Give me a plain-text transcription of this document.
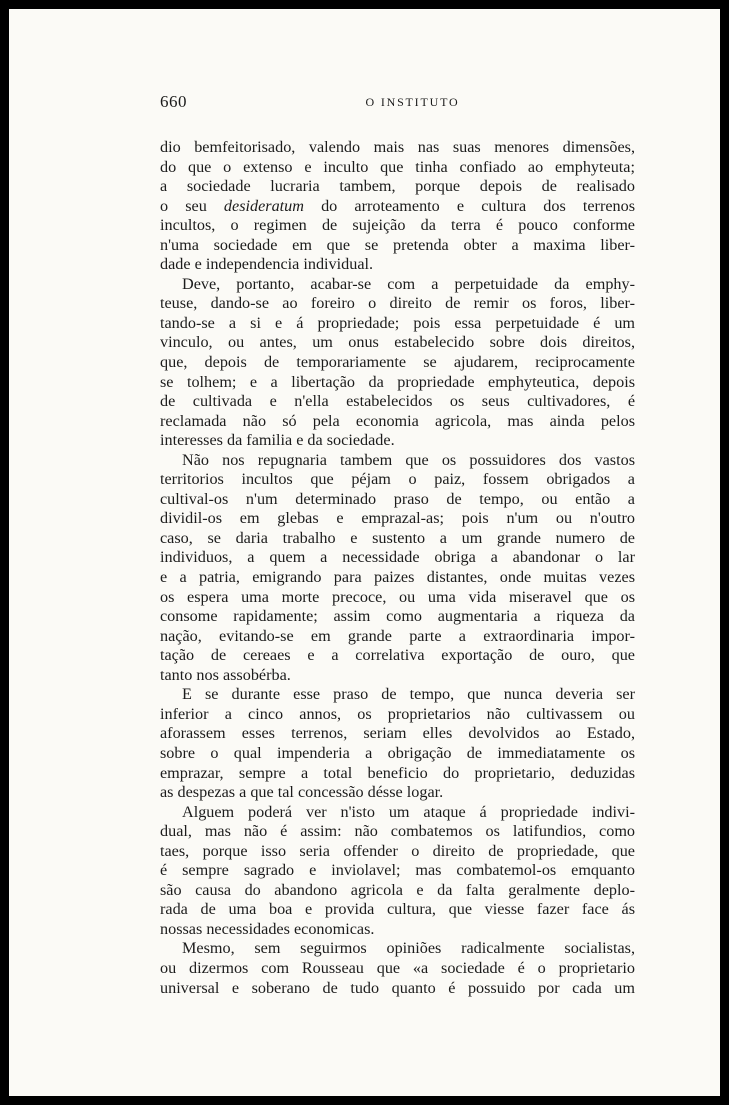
660	O INSTITUTO

dio bemfeitorisado, valendo mais nas suas menores dimensões,
do que o extenso e inculto que tinha confiado ao emphyteuta;
a sociedade lucraria tambem, porque depois de realisado
o seu desideratum do arroteamento e cultura dos terrenos
incultos, o regimen de sujeição da terra é pouco conforme
n'uma sociedade em que se pretenda obter a maxima liber-
dade e independencia individual.

Deve, portanto, acabar-se com a perpetuidade da emphy-
teuse, dando-se ao foreiro o direito de remir os foros, liber-
tando-se a si e á propriedade; pois essa perpetuidade é um
vinculo, ou antes, um onus estabelecido sobre dois direitos,
que, depois de temporariamente se ajudarem, reciprocamente
se tolhem; e a libertação da propriedade emphyteutica, depois
de cultivada e n'ella estabelecidos os seus cultivadores, é
reclamada não só pela economia agricola, mas ainda pelos
interesses da familia e da sociedade.

Não nos repugnaria tambem que os possuidores dos vastos
territorios incultos que péjam o paiz, fossem obrigados a
cultival-os n'um determinado praso de tempo, ou então a
dividil-os em glebas e emprazal-as; pois n'um ou n'outro
caso, se daria trabalho e sustento a um grande numero de
individuos, a quem a necessidade obriga a abandonar o lar
e a patria, emigrando para paizes distantes, onde muitas vezes
os espera uma morte precoce, ou uma vida miseravel que os
consome rapidamente; assim como augmentaria a riqueza da
nação, evitando-se em grande parte a extraordinaria impor-
tação de cereaes e a correlativa exportação de ouro, que
tanto nos assobérba.

E se durante esse praso de tempo, que nunca deveria ser
inferior a cinco annos, os proprietarios não cultivassem ou
aforassem esses terrenos, seriam elles devolvidos ao Estado,
sobre o qual impenderia a obrigação de immediatamente os
emprazar, sempre a total beneficio do proprietario, deduzidas
as despezas a que tal concessão désse logar.

Alguem poderá ver n'isto um ataque á propriedade indivi-
dual, mas não é assim: não combatemos os latifundios, como
taes, porque isso seria offender o direito de propriedade, que
é sempre sagrado e inviolavel; mas combatemol-os emquanto
são causa do abandono agricola e da falta geralmente deplo-
rada de uma boa e provida cultura, que viesse fazer face ás
nossas necessidades economicas.

Mesmo, sem seguirmos opiniões radicalmente socialistas,
ou dizermos com Rousseau que «a sociedade é o proprietario
universal e soberano de tudo quanto é possuido por cada um
